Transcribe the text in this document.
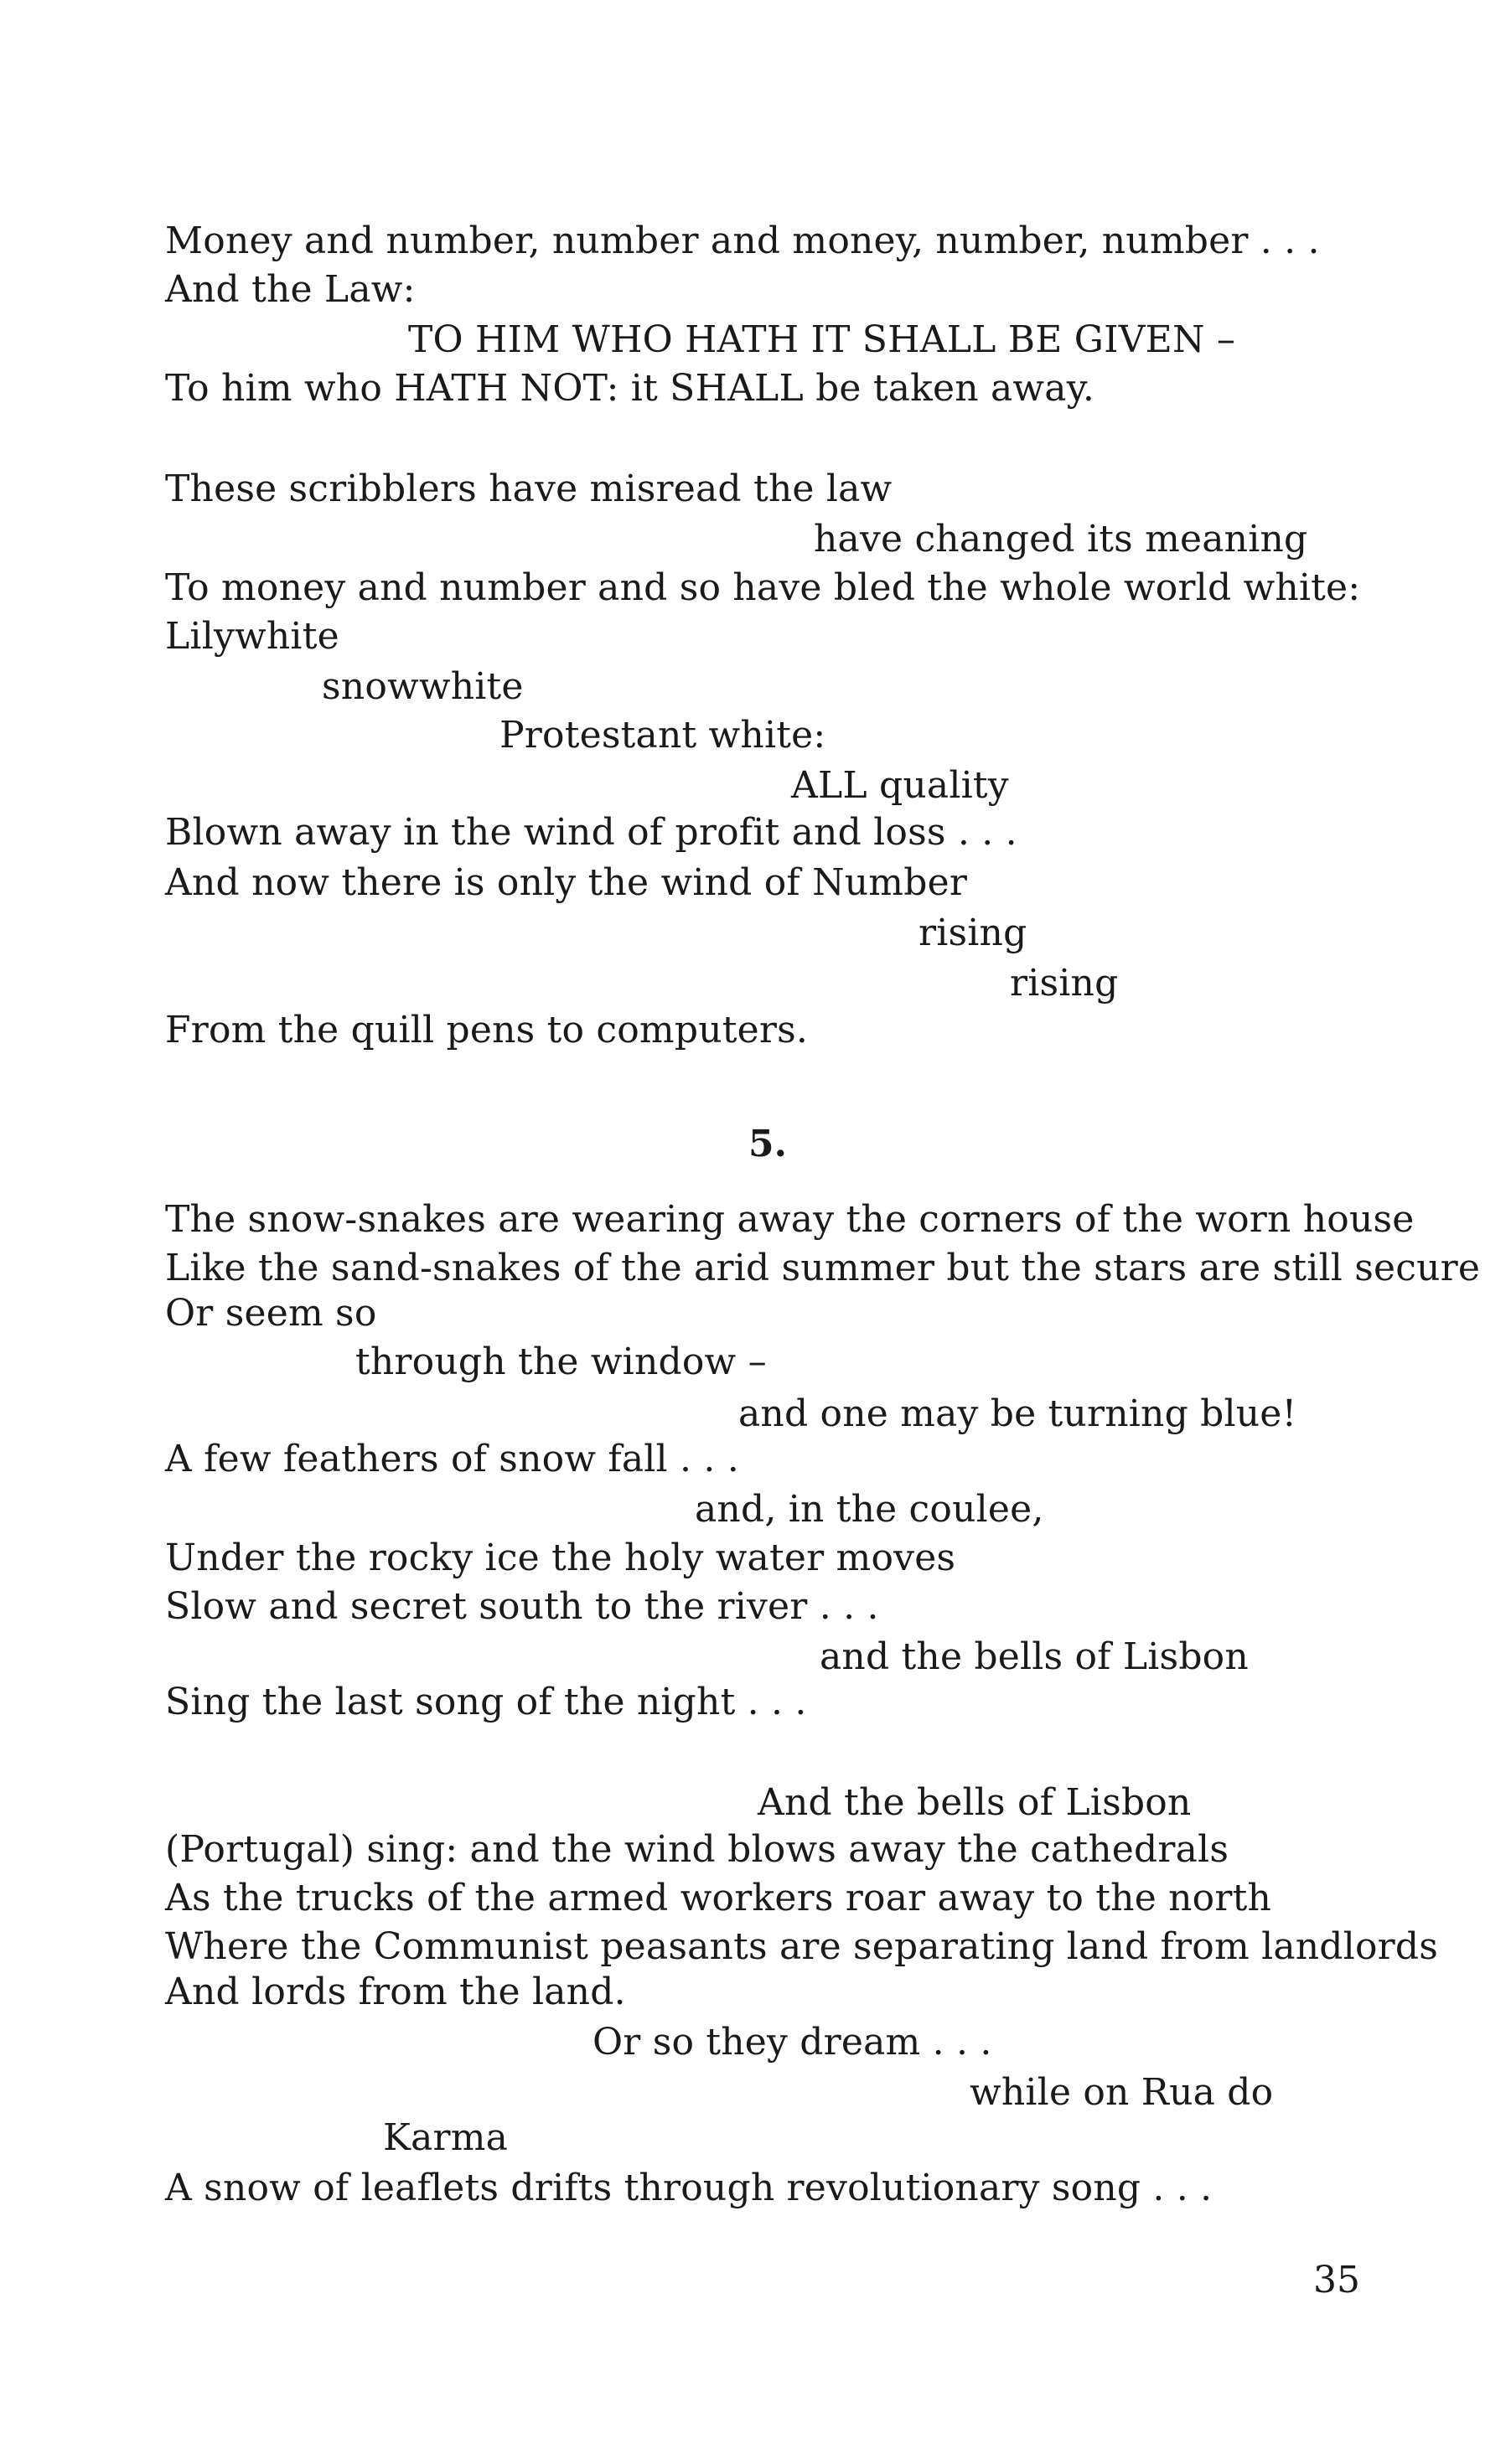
Money and number, number and money, number, number . . .
And the Law:
TO HIM WHO HATH IT SHALL BE GIVEN –
To him who HATH NOT: it SHALL be taken away.
These scribblers have misread the law
have changed its meaning
To money and number and so have bled the whole world white:
Lilywhite
snowwhite
Protestant white:
ALL quality
Blown away in the wind of profit and loss . . .
And now there is only the wind of Number
rising
rising
From the quill pens to computers.
5.
The snow-snakes are wearing away the corners of the worn house
Like the sand-snakes of the arid summer but the stars are still secure
Or seem so
through the window –
and one may be turning blue!
A few feathers of snow fall . . .
and, in the coulee,
Under the rocky ice the holy water moves
Slow and secret south to the river . . .
and the bells of Lisbon
Sing the last song of the night . . .
And the bells of Lisbon
(Portugal) sing: and the wind blows away the cathedrals
As the trucks of the armed workers roar away to the north
Where the Communist peasants are separating land from landlords
And lords from the land.
Or so they dream . . .
while on Rua do
Karma
A snow of leaflets drifts through revolutionary song . . .
35
